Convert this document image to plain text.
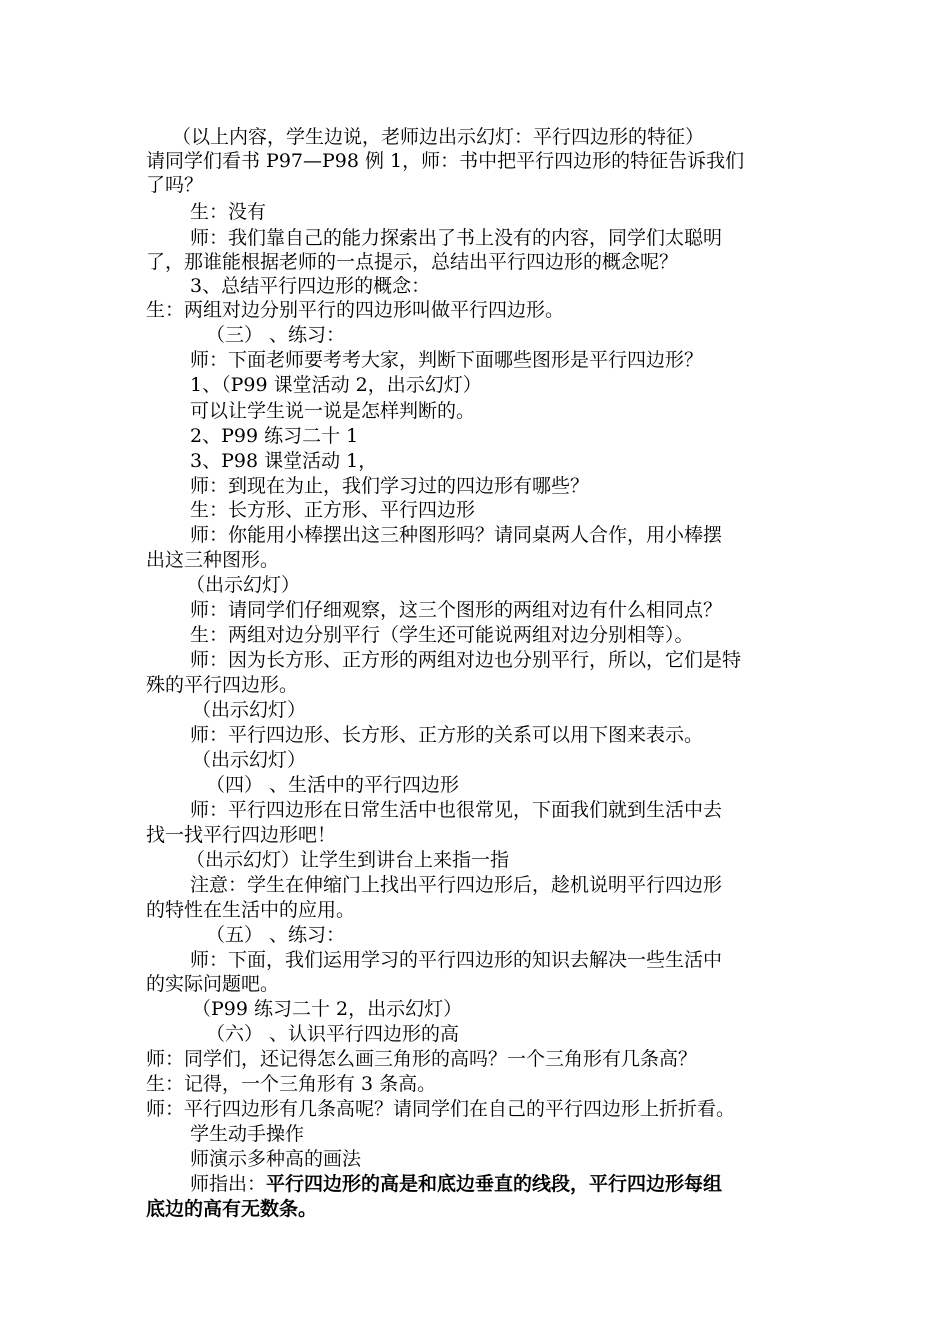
（以上内容，学生边说，老师边出示幻灯：平行四边形的特征）
请同学们看书 P97—P98 例 1，师：书中把平行四边形的特征告诉我们
了吗？
生：没有
师：我们靠自己的能力探索出了书上没有的内容，同学们太聪明
了，那谁能根据老师的一点提示，总结出平行四边形的概念呢？
3、总结平行四边形的概念：
生：两组对边分别平行的四边形叫做平行四边形。
（三） 、练习：
师：下面老师要考考大家，判断下面哪些图形是平行四边形？
1、（P99 课堂活动 2，出示幻灯）
可以让学生说一说是怎样判断的。
2、P99 练习二十 1
3、P98 课堂活动 1，
师：到现在为止，我们学习过的四边形有哪些？
生：长方形、正方形、平行四边形
师：你能用小棒摆出这三种图形吗？请同桌两人合作，用小棒摆
出这三种图形。
（出示幻灯）
师：请同学们仔细观察，这三个图形的两组对边有什么相同点？
生：两组对边分别平行（学生还可能说两组对边分别相等）。
师：因为长方形、正方形的两组对边也分别平行，所以，它们是特
殊的平行四边形。
（出示幻灯）
师：平行四边形、长方形、正方形的关系可以用下图来表示。
（出示幻灯）
（四） 、生活中的平行四边形
师：平行四边形在日常生活中也很常见，下面我们就到生活中去
找一找平行四边形吧！
（出示幻灯）让学生到讲台上来指一指
注意：学生在伸缩门上找出平行四边形后，趁机说明平行四边形
的特性在生活中的应用。
（五） 、练习：
师：下面，我们运用学习的平行四边形的知识去解决一些生活中
的实际问题吧。
（P99 练习二十 2，出示幻灯）
（六） 、认识平行四边形的高
师：同学们，还记得怎么画三角形的高吗？一个三角形有几条高？
生：记得，一个三角形有 3 条高。
师：平行四边形有几条高呢？请同学们在自己的平行四边形上折折看。
学生动手操作
师演示多种高的画法
师指出：平行四边形的高是和底边垂直的线段，平行四边形每组
底边的高有无数条。
